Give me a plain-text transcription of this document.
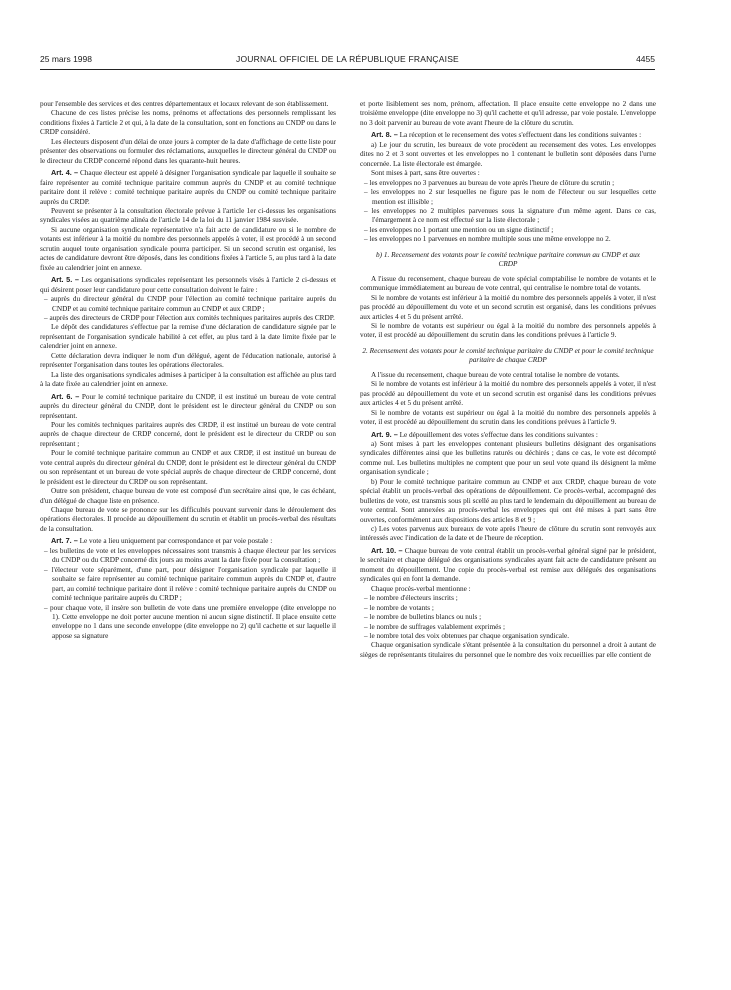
25 mars 1998	JOURNAL OFFICIEL DE LA RÉPUBLIQUE FRANÇAISE	4455

pour l'ensemble des services et des centres départementaux et locaux relevant de son établissement.

Chacune de ces listes précise les noms, prénoms et affectations des personnels remplissant les conditions fixées à l'article 2 et qui, à la date de la consultation, sont en fonctions au CNDP ou dans le CRDP considéré.

Les électeurs disposent d'un délai de onze jours à compter de la date d'affichage de cette liste pour présenter des observations ou formuler des réclamations, auxquelles le directeur général du CNDP ou le directeur du CRDP concerné répond dans les quarante-huit heures.

Art. 4. – Chaque électeur est appelé à désigner l'organisation syndicale par laquelle il souhaite se faire représenter au comité technique paritaire commun auprès du CNDP et au comité technique paritaire dont il relève : comité technique paritaire auprès du CNDP ou comité technique paritaire auprès du CRDP.

Peuvent se présenter à la consultation électorale prévue à l'article 1er ci-dessus les organisations syndicales visées au quatrième alinéa de l'article 14 de la loi du 11 janvier 1984 susvisée.

Si aucune organisation syndicale représentative n'a fait acte de candidature ou si le nombre de votants est inférieur à la moitié du nombre des personnels appelés à voter, il est procédé à un second scrutin auquel toute organisation syndicale pourra participer. Si un second scrutin est organisé, les actes de candidature devront être déposés, dans les conditions fixées à l'article 5, au plus tard à la date fixée au calendrier joint en annexe.

Art. 5. – Les organisations syndicales représentant les personnels visés à l'article 2 ci-dessus et qui désirent poser leur candidature pour cette consultation doivent le faire :

– auprès du directeur général du CNDP pour l'élection au comité technique paritaire auprès du CNDP et au comité technique paritaire commun au CNDP et aux CRDP ;

– auprès des directeurs de CRDP pour l'élection aux comités techniques paritaires auprès des CRDP.

Le dépôt des candidatures s'effectue par la remise d'une déclaration de candidature signée par le représentant de l'organisation syndicale habilité à cet effet, au plus tard à la date limite fixée par le calendrier joint en annexe.

Cette déclaration devra indiquer le nom d'un délégué, agent de l'éducation nationale, autorisé à représenter l'organisation dans toutes les opérations électorales.

La liste des organisations syndicales admises à participer à la consultation est affichée au plus tard à la date fixée au calendrier joint en annexe.

Art. 6. – Pour le comité technique paritaire du CNDP, il est institué un bureau de vote central auprès du directeur général du CNDP, dont le président est le directeur général du CNDP ou son représentant.

Pour les comités techniques paritaires auprès des CRDP, il est institué un bureau de vote central auprès de chaque directeur de CRDP concerné, dont le président est le directeur du CRDP ou son représentant ;

Pour le comité technique paritaire commun au CNDP et aux CRDP, il est institué un bureau de vote central auprès du directeur général du CNDP, dont le président est le directeur général du CNDP ou son représentant et un bureau de vote spécial auprès de chaque directeur de CRDP concerné, dont le président est le directeur du CRDP ou son représentant.

Outre son président, chaque bureau de vote est composé d'un secrétaire ainsi que, le cas échéant, d'un délégué de chaque liste en présence.

Chaque bureau de vote se prononce sur les difficultés pouvant survenir dans le déroulement des opérations électorales. Il procède au dépouillement du scrutin et établit un procès-verbal des résultats de la consultation.

Art. 7. – Le vote a lieu uniquement par correspondance et par voie postale :

– les bulletins de vote et les enveloppes nécessaires sont transmis à chaque électeur par les services du CNDP ou du CRDP concerné dix jours au moins avant la date fixée pour la consultation ;

– l'électeur vote séparément, d'une part, pour désigner l'organisation syndicale par laquelle il souhaite se faire représenter au comité technique paritaire commun auprès du CNDP et, d'autre part, au comité technique paritaire dont il relève : comité technique paritaire auprès du CNDP ou comité technique paritaire auprès du CRDP ;

– pour chaque vote, il insère son bulletin de vote dans une première enveloppe (dite enveloppe no 1). Cette enveloppe ne doit porter aucune mention ni aucun signe distinctif. Il place ensuite cette enveloppe no 1 dans une seconde enveloppe (dite enveloppe no 2) qu'il cachette et sur laquelle il appose sa signature

et porte lisiblement ses nom, prénom, affectation. Il place ensuite cette enveloppe no 2 dans une troisième enveloppe (dite enveloppe no 3) qu'il cachette et qu'il adresse, par voie postale. L'enveloppe no 3 doit parvenir au bureau de vote avant l'heure de la clôture du scrutin.

Art. 8. – La réception et le recensement des votes s'effectuent dans les conditions suivantes :

a) Le jour du scrutin, les bureaux de vote procèdent au recensement des votes. Les enveloppes dites no 2 et 3 sont ouvertes et les enveloppes no 1 contenant le bulletin sont déposées dans l'urne concernée. La liste électorale est émargée.

Sont mises à part, sans être ouvertes :

– les enveloppes no 3 parvenues au bureau de vote après l'heure de clôture du scrutin ;

– les enveloppes no 2 sur lesquelles ne figure pas le nom de l'électeur ou sur lesquelles cette mention est illisible ;

– les enveloppes no 2 multiples parvenues sous la signature d'un même agent. Dans ce cas, l'émargement à ce nom est effectué sur la liste électorale ;

– les enveloppes no 1 portant une mention ou un signe distinctif ;

– les enveloppes no 1 parvenues en nombre multiple sous une même enveloppe no 2.

b) 1. Recensement des votants pour le comité technique paritaire commun au CNDP et aux CRDP

A l'issue du recensement, chaque bureau de vote spécial comptabilise le nombre de votants et le communique immédiatement au bureau de vote central, qui centralise le nombre total de votants.

Si le nombre de votants est inférieur à la moitié du nombre des personnels appelés à voter, il n'est pas procédé au dépouillement du vote et un second scrutin est organisé, dans les conditions prévues aux articles 4 et 5 du présent arrêté.

Si le nombre de votants est supérieur ou égal à la moitié du nombre des personnels appelés à voter, il est procédé au dépouillement du scrutin dans les conditions prévues à l'article 9.

2. Recensement des votants pour le comité technique paritaire du CNDP et pour le comité technique paritaire de chaque CRDP

A l'issue du recensement, chaque bureau de vote central totalise le nombre de votants.

Si le nombre de votants est inférieur à la moitié du nombre des personnels appelés à voter, il n'est pas procédé au dépouillement du vote et un second scrutin est organisé dans les conditions prévues aux articles 4 et 5 du présent arrêté.

Si le nombre de votants est supérieur ou égal à la moitié du nombre des personnels appelés à voter, il est procédé au dépouillement du scrutin dans les conditions prévues à l'article 9.

Art. 9. – Le dépouillement des votes s'effectue dans les conditions suivantes :

a) Sont mises à part les enveloppes contenant plusieurs bulletins désignant des organisations syndicales différentes ainsi que les bulletins raturés ou déchirés ; dans ce cas, le vote est décompté comme nul. Les bulletins multiples ne comptent que pour un seul vote quand ils désignent la même organisation syndicale ;

b) Pour le comité technique paritaire commun au CNDP et aux CRDP, chaque bureau de vote spécial établit un procès-verbal des opérations de dépouillement. Ce procès-verbal, accompagné des bulletins de vote, est transmis sous pli scellé au plus tard le lendemain du dépouillement au bureau de vote central. Sont annexées au procès-verbal les enveloppes qui ont été mises à part sans être ouvertes, conformément aux dispositions des articles 8 et 9 ;

c) Les votes parvenus aux bureaux de vote après l'heure de clôture du scrutin sont renvoyés aux intéressés avec l'indication de la date et de l'heure de réception.

Art. 10. – Chaque bureau de vote central établit un procès-verbal général signé par le président, le secrétaire et chaque délégué des organisations syndicales ayant fait acte de candidature présent au moment du dépouillement. Une copie du procès-verbal est remise aux délégués des organisations syndicales qui en font la demande.

Chaque procès-verbal mentionne :

– le nombre d'électeurs inscrits ;

– le nombre de votants ;

– le nombre de bulletins blancs ou nuls ;

– le nombre de suffrages valablement exprimés ;

– le nombre total des voix obtenues par chaque organisation syndicale.

Chaque organisation syndicale s'étant présentée à la consultation du personnel a droit à autant de sièges de représentants titulaires du personnel que le nombre des voix recueillies par elle contient de
